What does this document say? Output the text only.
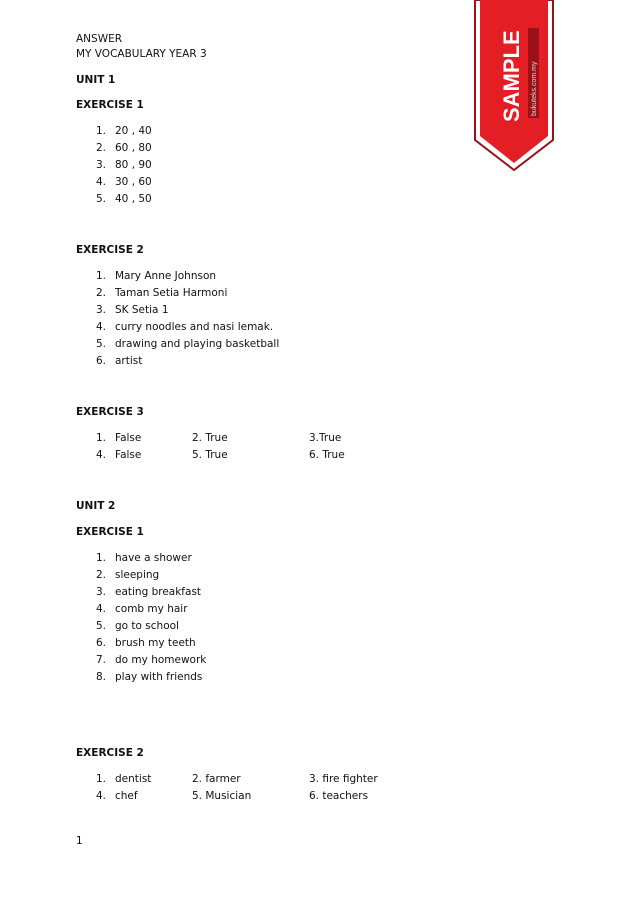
ANSWER
MY VOCABULARY YEAR 3
UNIT 1
EXERCISE 1
1. 20 , 40
2. 60 , 80
3. 80 , 90
4. 30 , 60
5. 40 , 50
EXERCISE 2
1. Mary Anne Johnson
2. Taman Setia Harmoni
3. SK Setia 1
4. curry noodles and nasi lemak.
5. drawing and playing basketball
6. artist
EXERCISE 3
1. False	2. True	3.True
4. False	5. True	6. True
UNIT 2
EXERCISE 1
1. have a shower
2. sleeping
3. eating breakfast
4. comb my hair
5. go to school
6. brush my teeth
7. do my homework
8. play with friends
EXERCISE 2
1. dentist	2. farmer	3. fire fighter
4. chef	5. Musician	6. teachers
1
SAMPLE bukuteks.com.my
